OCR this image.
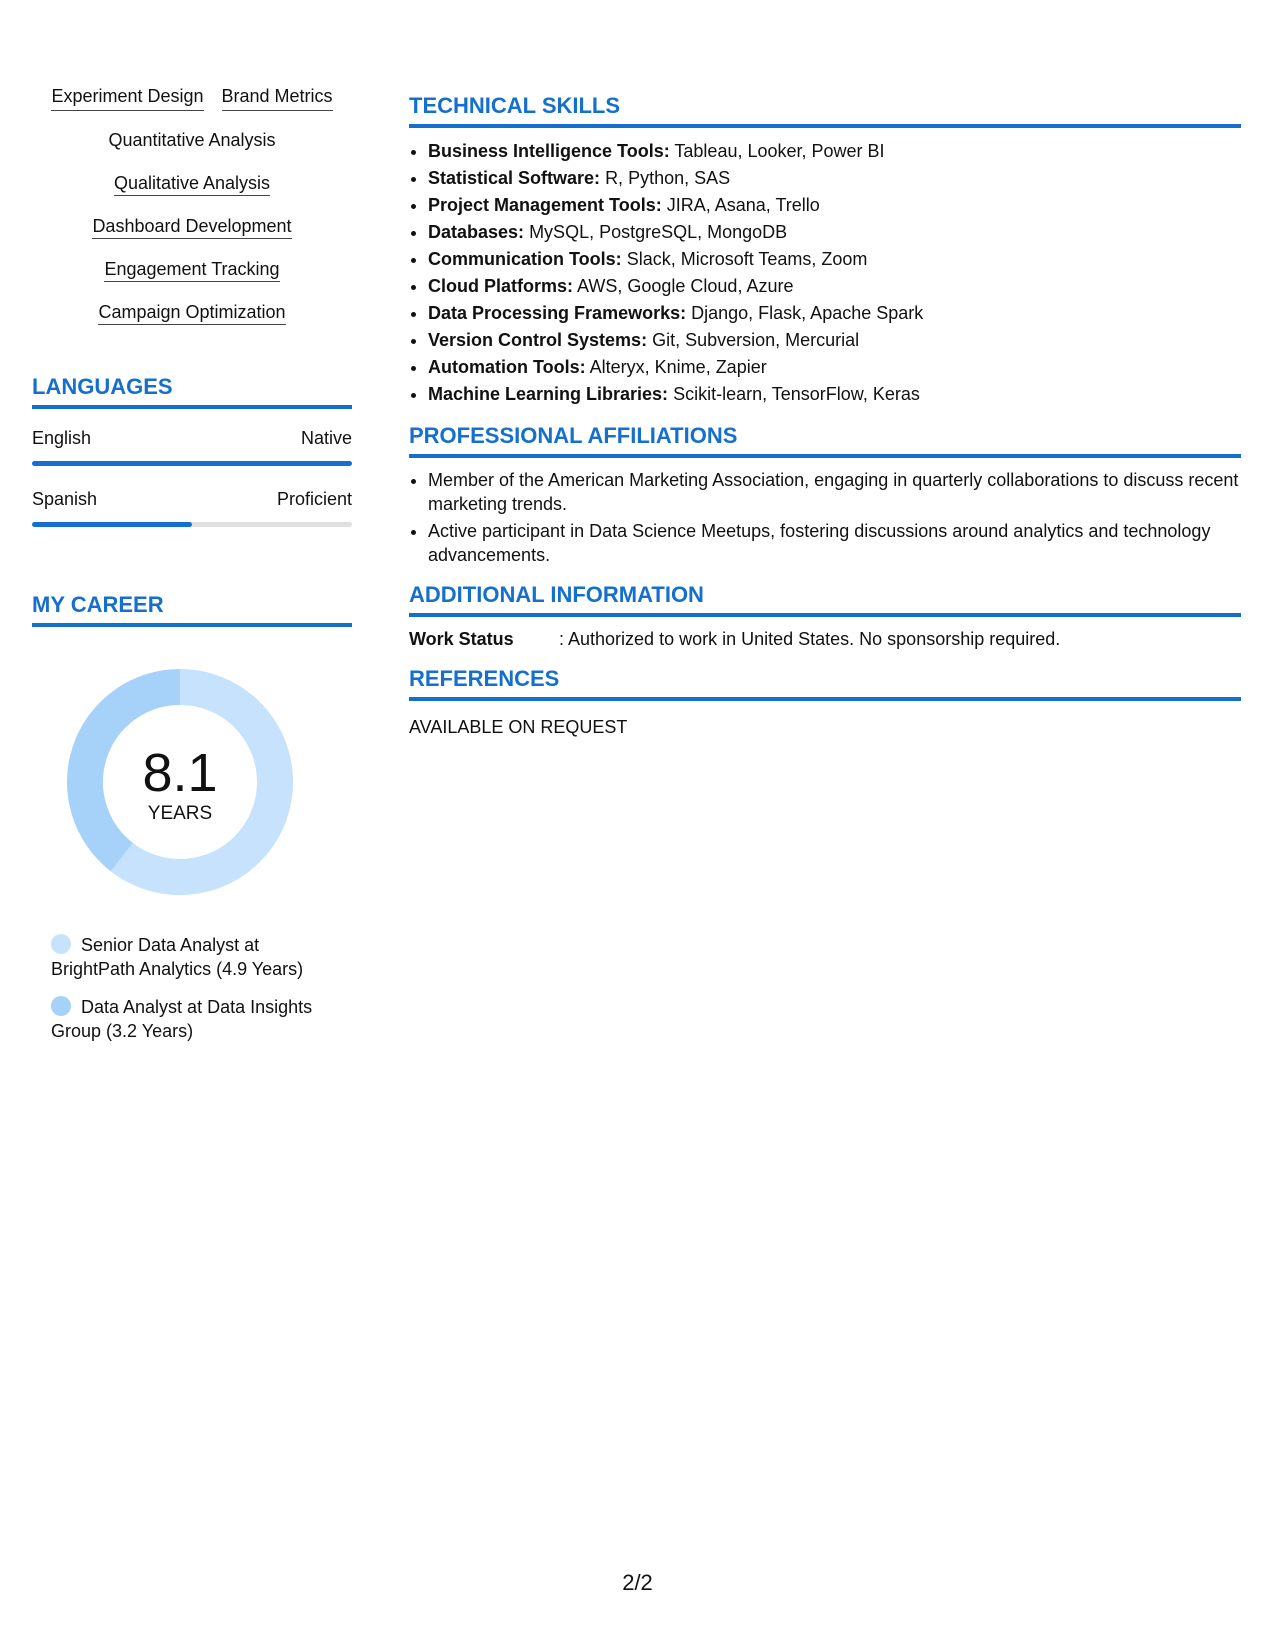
Experiment Design Brand Metrics
Quantitative Analysis
Qualitative Analysis
Dashboard Development
Engagement Tracking
Campaign Optimization
LANGUAGES
English	Native
Spanish	Proficient
MY CAREER
8.1
YEARS
Senior Data Analyst at BrightPath Analytics (4.9 Years)
Data Analyst at Data Insights Group (3.2 Years)
TECHNICAL SKILLS
• Business Intelligence Tools: Tableau, Looker, Power BI
• Statistical Software: R, Python, SAS
• Project Management Tools: JIRA, Asana, Trello
• Databases: MySQL, PostgreSQL, MongoDB
• Communication Tools: Slack, Microsoft Teams, Zoom
• Cloud Platforms: AWS, Google Cloud, Azure
• Data Processing Frameworks: Django, Flask, Apache Spark
• Version Control Systems: Git, Subversion, Mercurial
• Automation Tools: Alteryx, Knime, Zapier
• Machine Learning Libraries: Scikit-learn, TensorFlow, Keras
PROFESSIONAL AFFILIATIONS
• Member of the American Marketing Association, engaging in quarterly collaborations to discuss recent marketing trends.
• Active participant in Data Science Meetups, fostering discussions around analytics and technology advancements.
ADDITIONAL INFORMATION
Work Status	: Authorized to work in United States. No sponsorship required.
REFERENCES
AVAILABLE ON REQUEST
2/2
